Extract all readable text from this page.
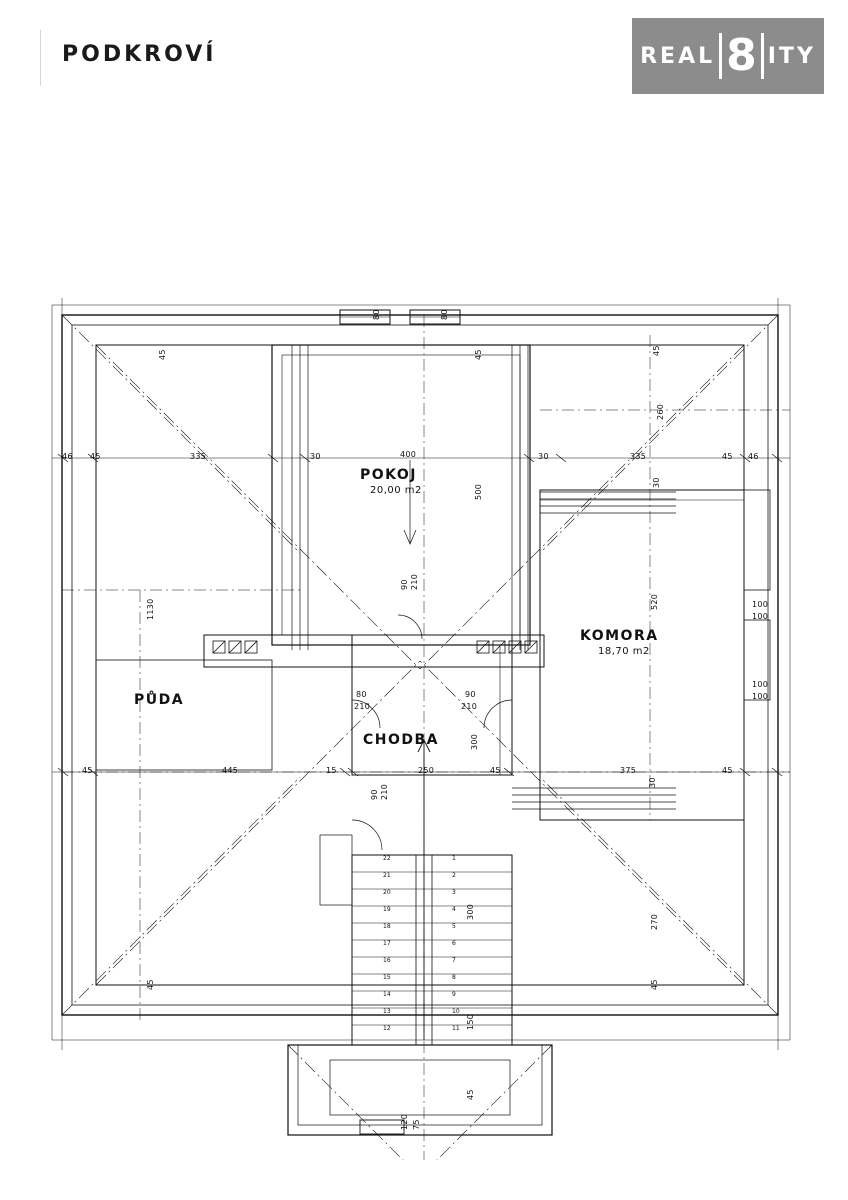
PODKROVÍ	REAL 8 ITY
POKOJ
20,00 m2
KOMORA
18,70 m2
PŮDA
CHODBA
46 45	335	30	400	30	335	45 46
45	445	15	250	45	375	45
80	80
45	45	45
260
500
1130	520
30
30
100
100
100
100
300
300
270
45	45
150
45
80
210
90
210
90 210
90 210
120 75
22
21
20
19
18
17
16
15
14
13
12
1
2
3
4
5
6
7
8
9
10
11
